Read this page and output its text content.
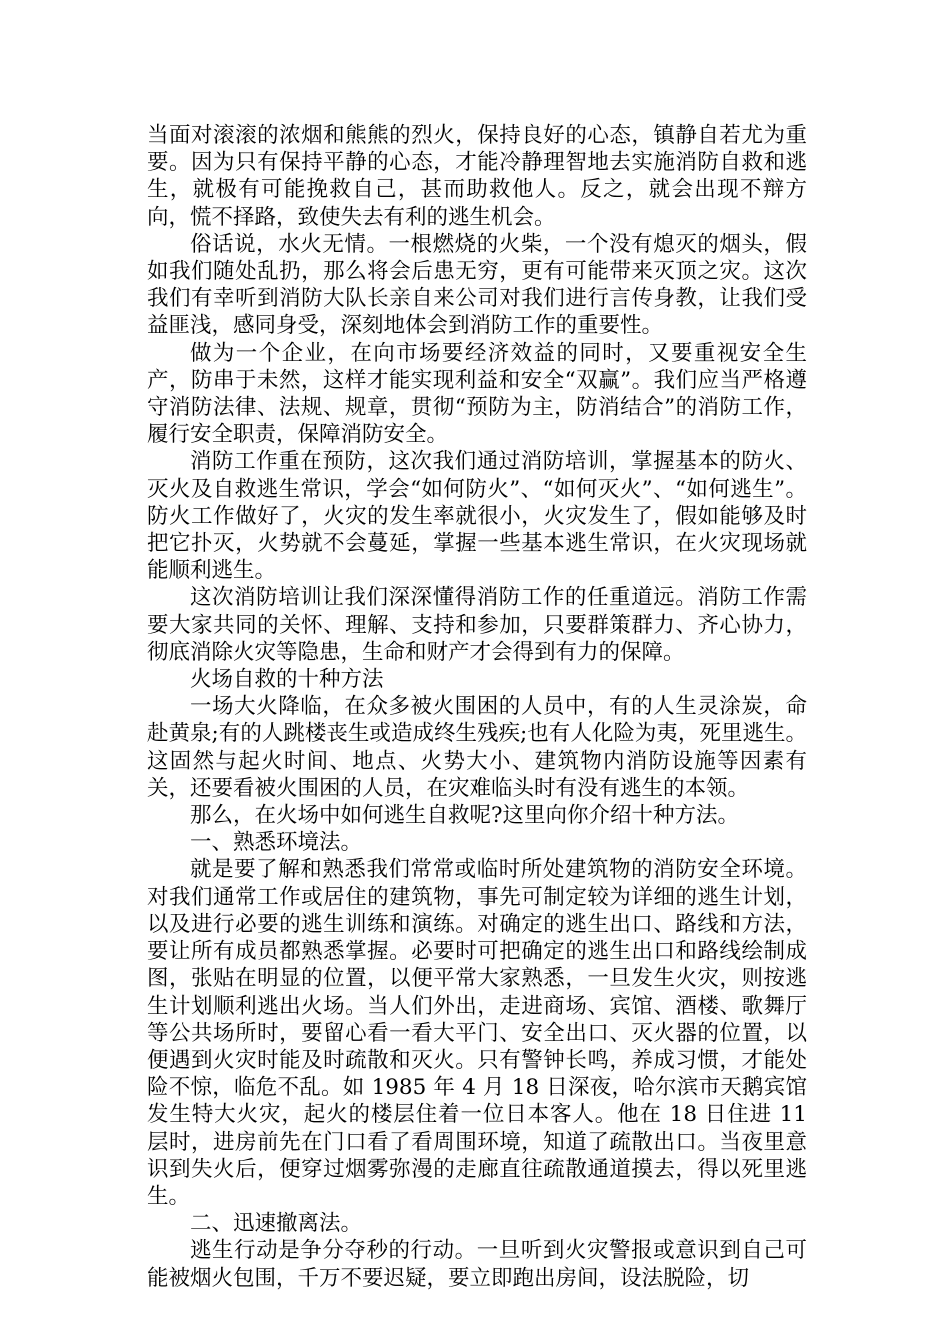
当面对滚滚的浓烟和熊熊的烈火，保持良好的心态，镇静自若尤为重要。因为只有保持平静的心态，才能冷静理智地去实施消防自救和逃生，就极有可能挽救自己，甚而助救他人。反之，就会出现不辩方向，慌不择路，致使失去有利的逃生机会。

俗话说，水火无情。一根燃烧的火柴，一个没有熄灭的烟头，假如我们随处乱扔，那么将会后患无穷，更有可能带来灭顶之灾。这次我们有幸听到消防大队长亲自来公司对我们进行言传身教，让我们受益匪浅，感同身受，深刻地体会到消防工作的重要性。

做为一个企业，在向市场要经济效益的同时，又要重视安全生产，防串于未然，这样才能实现利益和安全“双赢”。我们应当严格遵守消防法律、法规、规章，贯彻“预防为主，防消结合”的消防工作，履行安全职责，保障消防安全。

消防工作重在预防，这次我们通过消防培训，掌握基本的防火、灭火及自救逃生常识，学会“如何防火”、“如何灭火”、“如何逃生”。防火工作做好了，火灾的发生率就很小，火灾发生了，假如能够及时把它扑灭，火势就不会蔓延，掌握一些基本逃生常识，在火灾现场就能顺利逃生。

这次消防培训让我们深深懂得消防工作的任重道远。消防工作需要大家共同的关怀、理解、支持和参加，只要群策群力、齐心协力，彻底消除火灾等隐患，生命和财产才会得到有力的保障。

火场自救的十种方法

一场大火降临，在众多被火围困的人员中，有的人生灵涂炭，命赴黄泉;有的人跳楼丧生或造成终生残疾;也有人化险为夷，死里逃生。这固然与起火时间、地点、火势大小、建筑物内消防设施等因素有关，还要看被火围困的人员，在灾难临头时有没有逃生的本领。

那么，在火场中如何逃生自救呢?这里向你介绍十种方法。

一、熟悉环境法。

就是要了解和熟悉我们常常或临时所处建筑物的消防安全环境。对我们通常工作或居住的建筑物，事先可制定较为详细的逃生计划，以及进行必要的逃生训练和演练。对确定的逃生出口、路线和方法，要让所有成员都熟悉掌握。必要时可把确定的逃生出口和路线绘制成图，张贴在明显的位置，以便平常大家熟悉，一旦发生火灾，则按逃生计划顺利逃出火场。当人们外出，走进商场、宾馆、酒楼、歌舞厅等公共场所时，要留心看一看大平门、安全出口、灭火器的位置，以便遇到火灾时能及时疏散和灭火。只有警钟长鸣，养成习惯，才能处险不惊，临危不乱。如 1985 年 4 月 18 日深夜，哈尔滨市天鹅宾馆发生特大火灾，起火的楼层住着一位日本客人。他在 18 日住进 11 层时，进房前先在门口看了看周围环境，知道了疏散出口。当夜里意识到失火后，便穿过烟雾弥漫的走廊直往疏散通道摸去，得以死里逃生。

二、迅速撤离法。

逃生行动是争分夺秒的行动。一旦听到火灾警报或意识到自己可能被烟火包围，千万不要迟疑，要立即跑出房间，设法脱险，切
